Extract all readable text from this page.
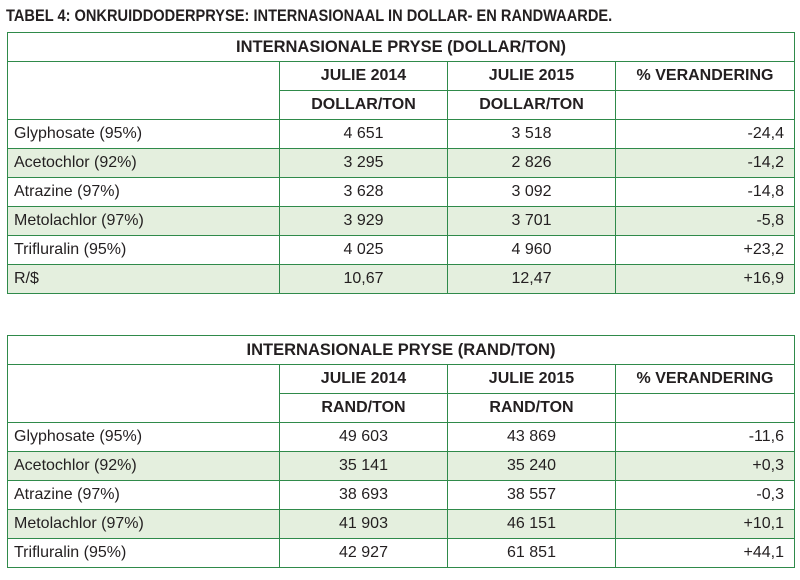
TABEL 4: ONKRUIDDODERPRYSE: INTERNASIONAAL IN DOLLAR- EN RANDWAARDE.
INTERNASIONALE PRYSE (DOLLAR/TON)			
	JULIE 2014	JULIE 2015	% VERANDERING
	DOLLAR/TON	DOLLAR/TON	
Glyphosate (95%)	4 651	3 518	-24,4
Acetochlor (92%)	3 295	2 826	-14,2
Atrazine (97%)	3 628	3 092	-14,8
Metolachlor (97%)	3 929	3 701	-5,8
Trifluralin (95%)	4 025	4 960	+23,2
R/$	10,67	12,47	+16,9
INTERNASIONALE PRYSE (RAND/TON)			
	JULIE 2014	JULIE 2015	% VERANDERING
	RAND/TON	RAND/TON	
Glyphosate (95%)	49 603	43 869	-11,6
Acetochlor (92%)	35 141	35 240	+0,3
Atrazine (97%)	38 693	38 557	-0,3
Metolachlor (97%)	41 903	46 151	+10,1
Trifluralin (95%)	42 927	61 851	+44,1
